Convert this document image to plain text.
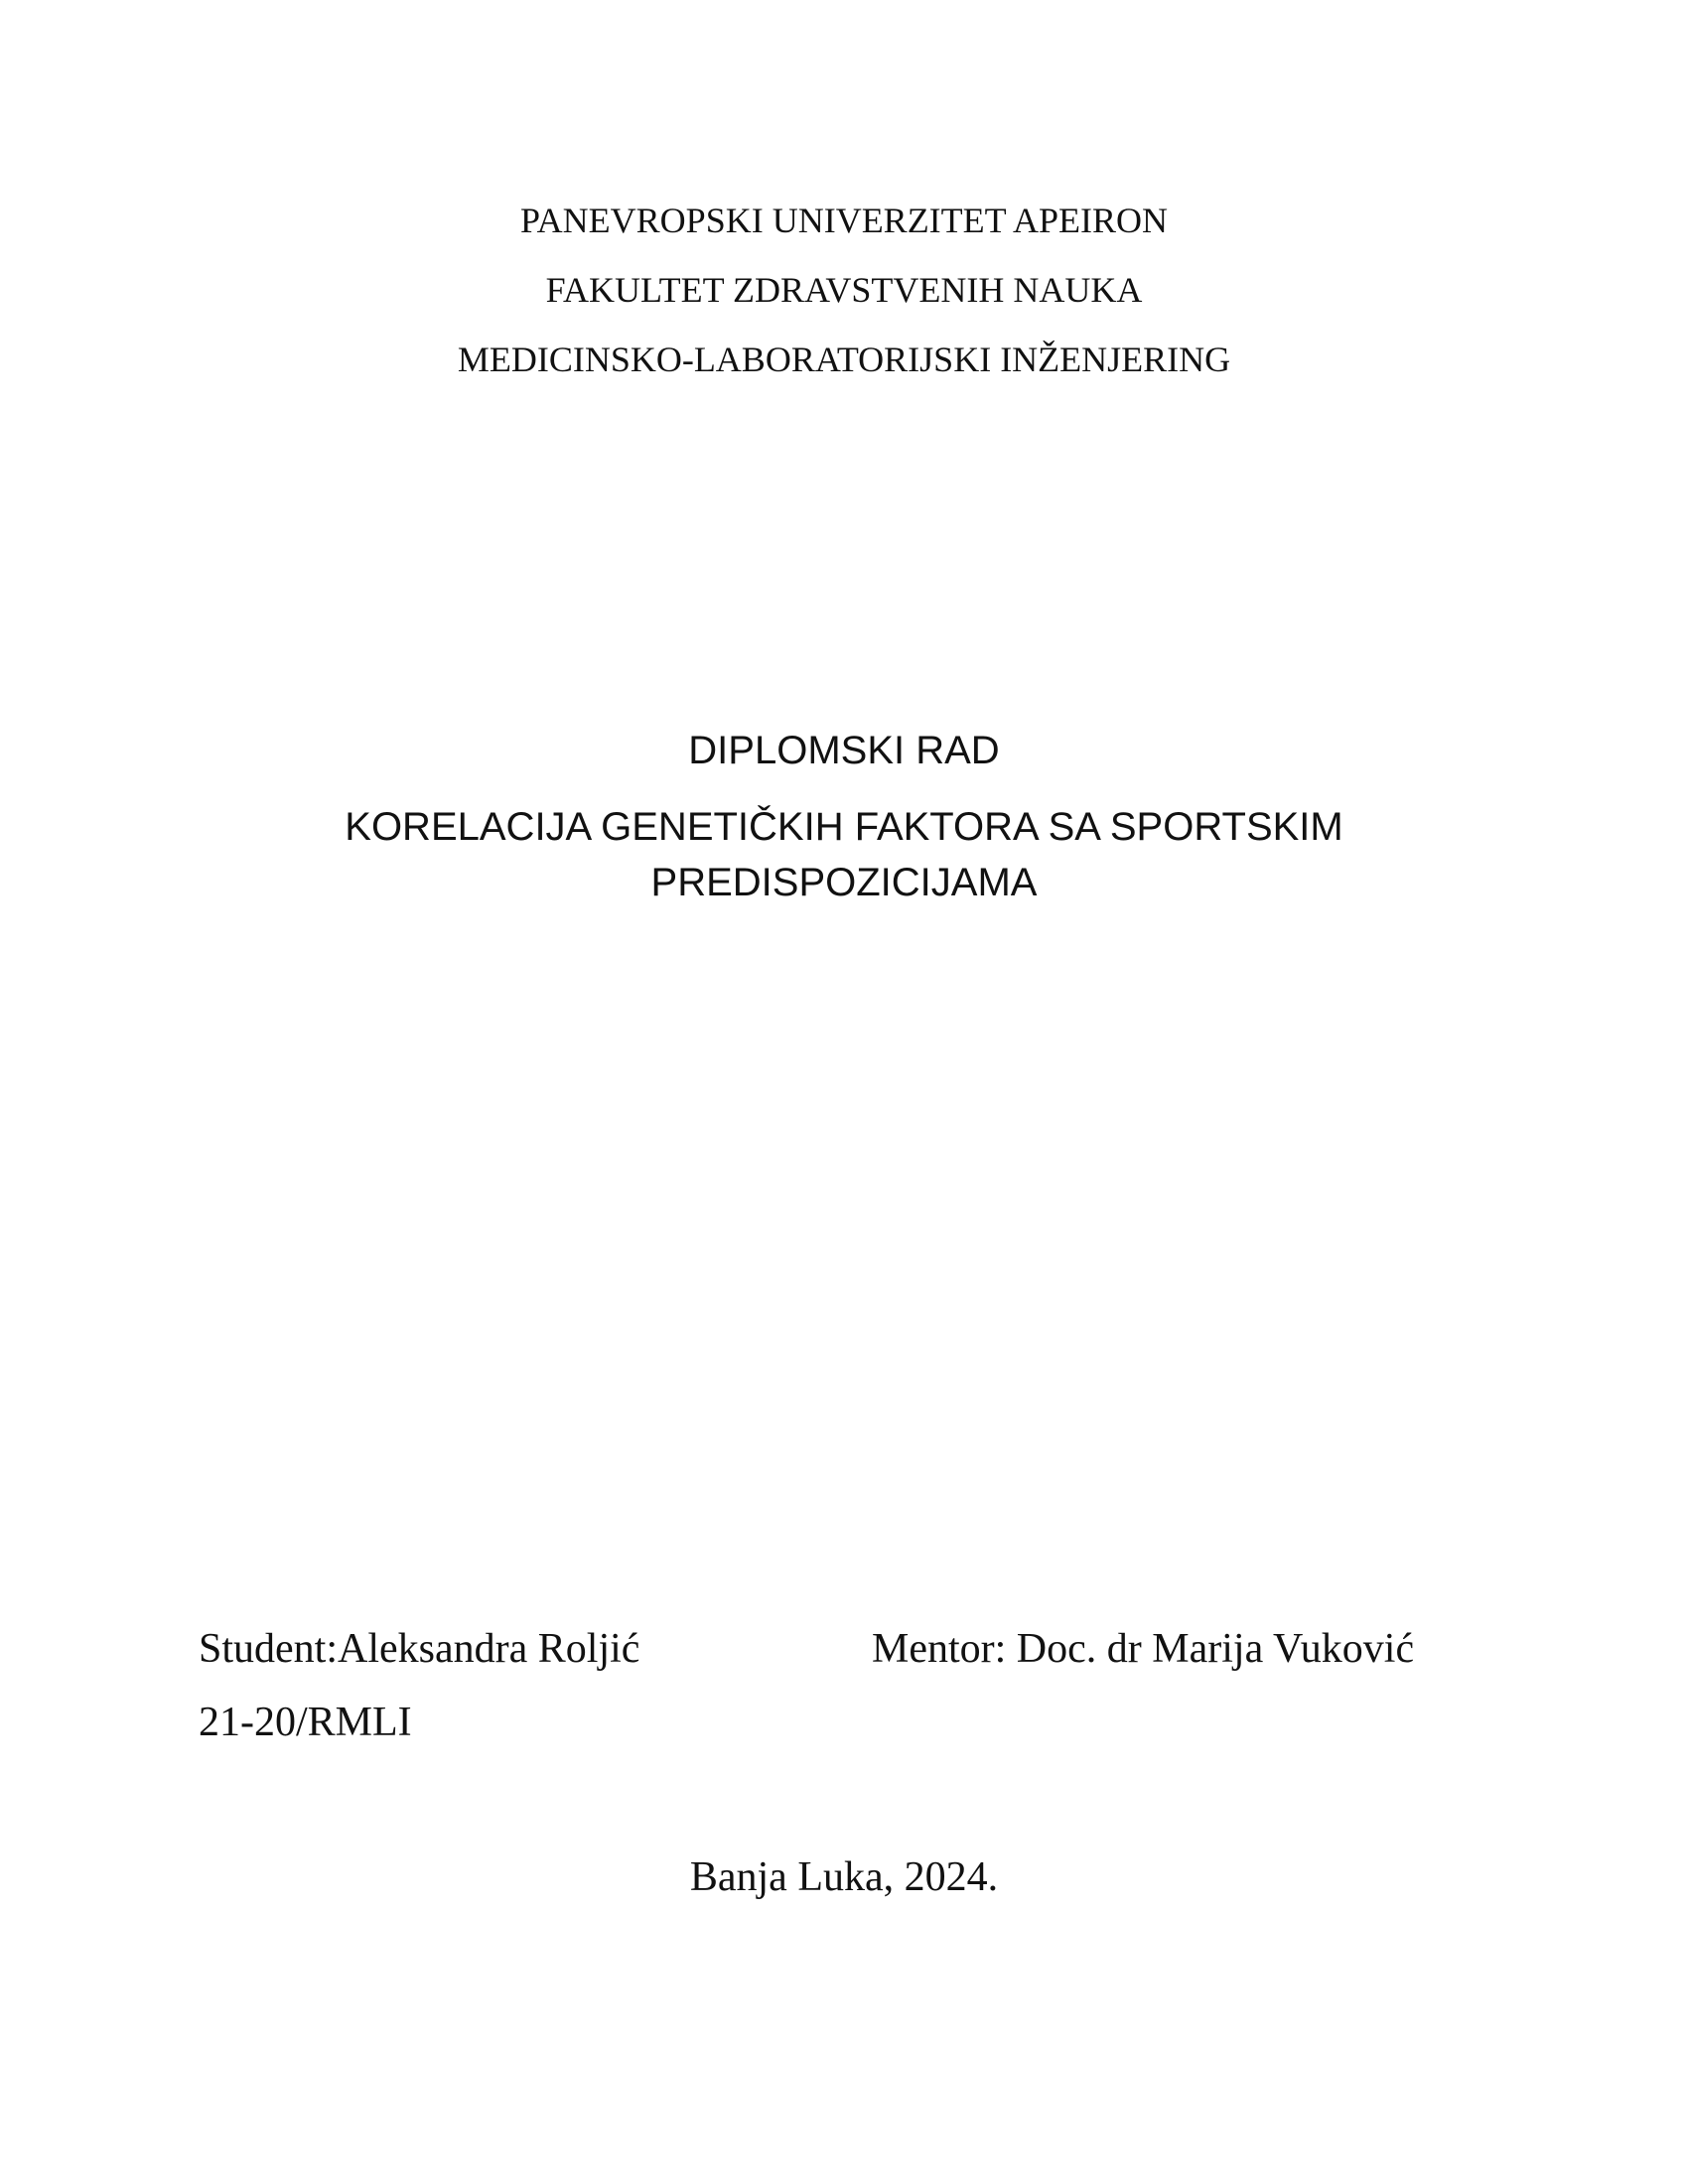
PANEVROPSKI UNIVERZITET APEIRON
FAKULTET ZDRAVSTVENIH NAUKA
MEDICINSKO-LABORATORIJSKI INŽENJERING
DIPLOMSKI RAD
KORELACIJA GENETIČKIH FAKTORA SA SPORTSKIM
PREDISPOZICIJAMA
Student:Aleksandra Roljić	Mentor: Doc. dr Marija Vuković
21-20/RMLI
Banja Luka, 2024.
